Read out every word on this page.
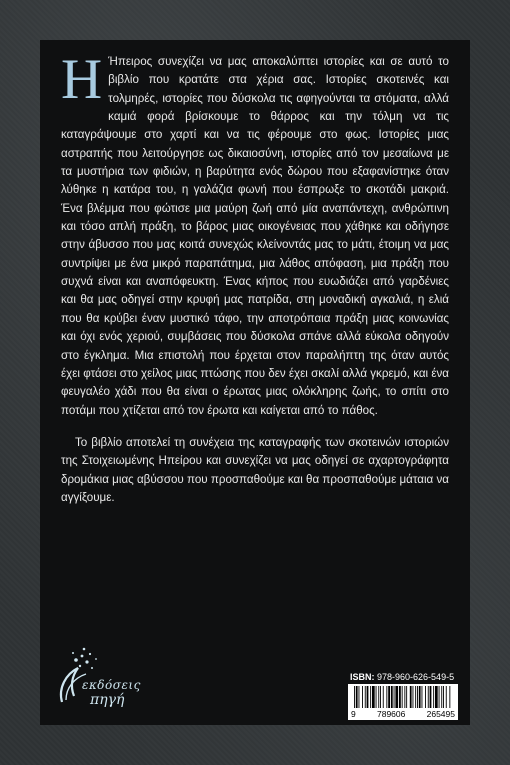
Η Ήπειρος συνεχίζει να μας αποκαλύπτει ιστορίες και σε αυτό το βιβλίο που κρατάτε στα χέρια σας. Ιστορίες σκοτεινές και τολμηρές, ιστορίες που δύσκολα τις αφηγούνται τα στόματα, αλλά καμιά φορά βρίσκουμε το θάρρος και την τόλμη να τις καταγράψουμε στο χαρτί και να τις φέρουμε στο φως. Ιστορίες μιας αστραπής που λειτούργησε ως δικαιοσύνη, ιστορίες από τον μεσαίωνα με τα μυστήρια των φιδιών, η βαρύτητα ενός δώρου που εξαφανίστηκε όταν λύθηκε η κατάρα του, η γαλάζια φωνή που έσπρωξε το σκοτάδι μακριά. Ένα βλέμμα που φώτισε μια μαύρη ζωή από μία αναπάντεχη, ανθρώπινη και τόσο απλή πράξη, το βάρος μιας οικογένειας που χάθηκε και οδήγησε στην άβυσσο που μας κοιτά συνεχώς κλείνοντάς μας το μάτι, έτοιμη να μας συντρίψει με ένα μικρό παραπάτημα, μια λάθος απόφαση, μια πράξη που συχνά είναι και αναπόφευκτη. Ένας κήπος που ευωδιάζει από γαρδένιες και θα μας οδηγεί στην κρυφή μας πατρίδα, στη μοναδική αγκαλιά, η ελιά που θα κρύβει έναν μυστικό τάφο, την αποτρόπαια πράξη μιας κοινωνίας και όχι ενός χεριού, συμβάσεις που δύσκολα σπάνε αλλά εύκολα οδηγούν στο έγκλημα. Μια επιστολή που έρχεται στον παραλήπτη της όταν αυτός έχει φτάσει στο χείλος μιας πτώσης που δεν έχει σκαλί αλλά γκρεμό, και ένα φευγαλέο χάδι που θα είναι ο έρωτας μιας ολόκληρης ζωής, το σπίτι στο ποτάμι που χτίζεται από τον έρωτα και καίγεται από το πάθος.

Το βιβλίο αποτελεί τη συνέχεια της καταγραφής των σκοτεινών ιστοριών της Στοιχειωμένης Ηπείρου και συνεχίζει να μας οδηγεί σε αχαρτογράφητα δρομάκια μιας αβύσσου που προσπαθούμε και θα προσπαθούμε μάταια να αγγίξουμε.

εκδόσεις
πηγή
ISBN: 978-960-626-549-5
9	789606	265495
